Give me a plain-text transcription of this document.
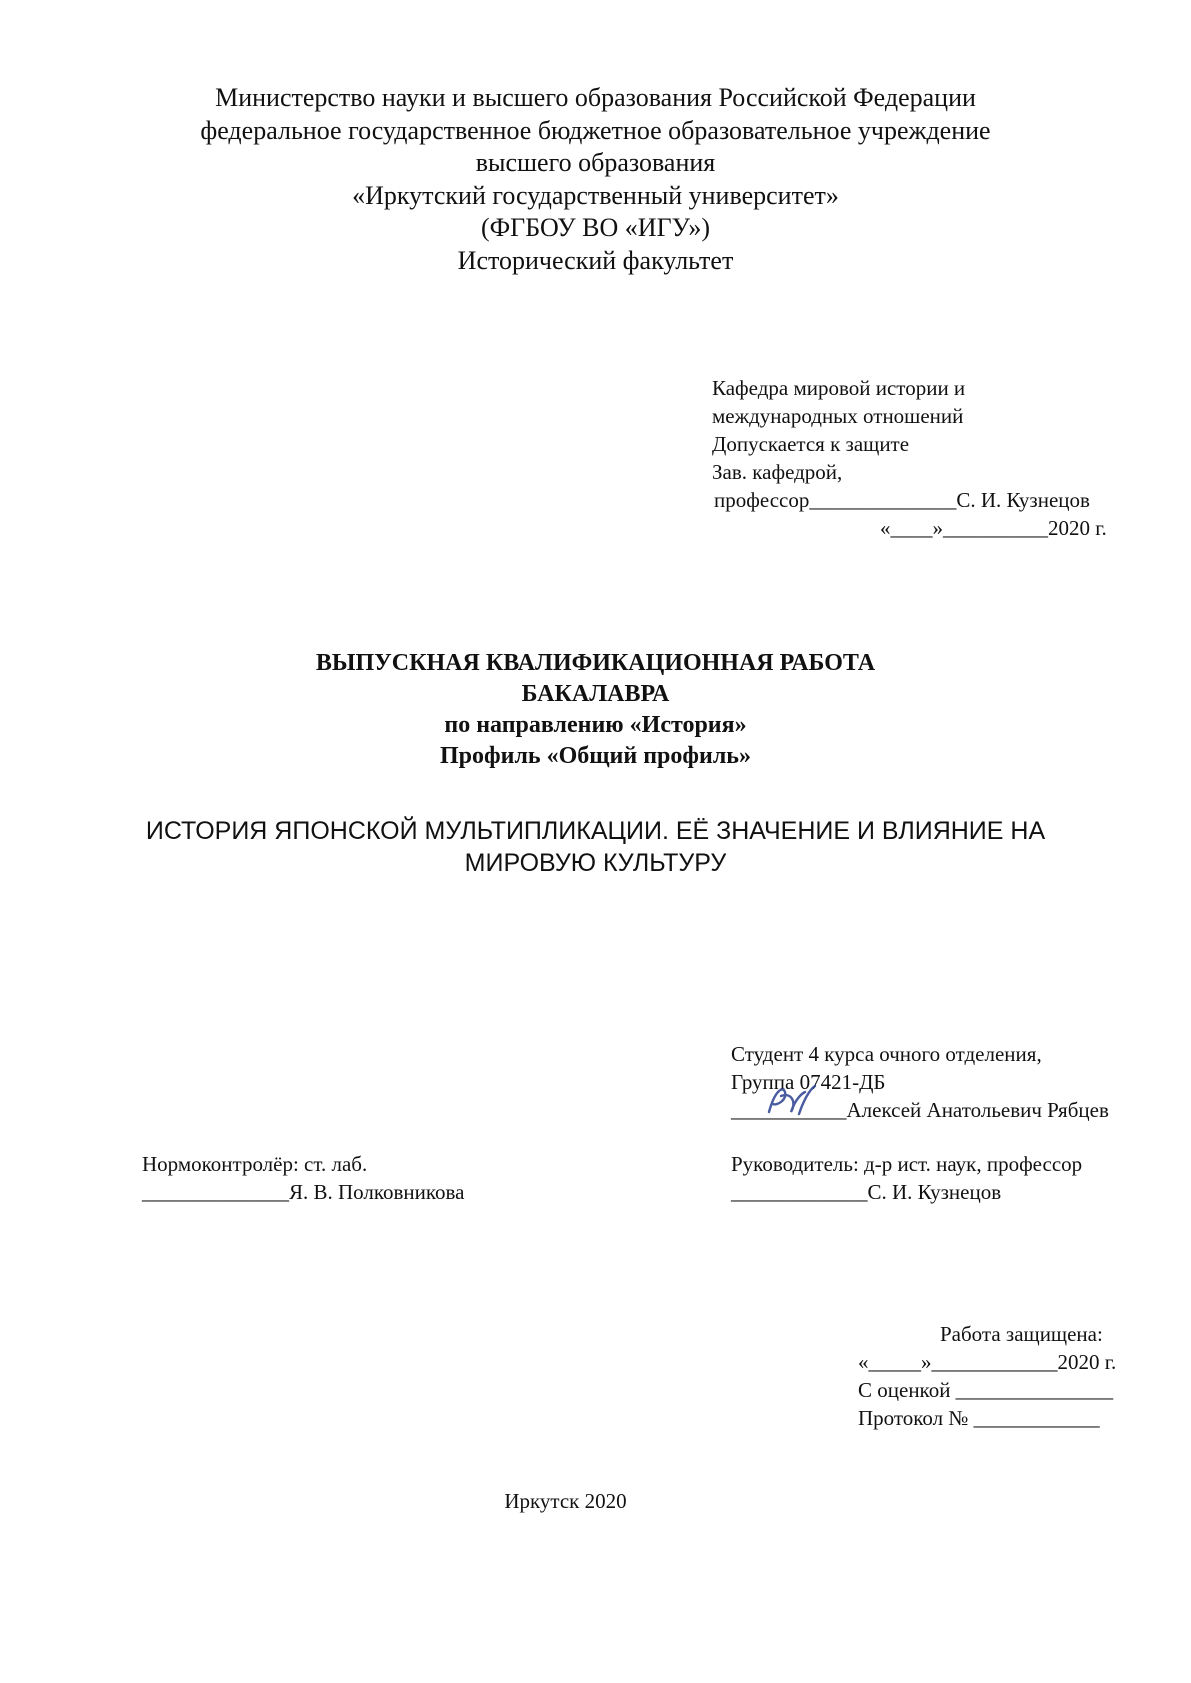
Министерство науки и высшего образования Российской Федерации
федеральное государственное бюджетное образовательное учреждение
высшего образования
«Иркутский государственный университет»
(ФГБОУ ВО «ИГУ»)
Исторический факультет
Кафедра мировой истории и
международных отношений
Допускается к защите
Зав. кафедрой,
профессор______________С. И. Кузнецов
«____»__________2020 г.
ВЫПУСКНАЯ КВАЛИФИКАЦИОННАЯ РАБОТА
БАКАЛАВРА
по направлению «История»
Профиль «Общий профиль»
ИСТОРИЯ ЯПОНСКОЙ МУЛЬТИПЛИКАЦИИ. ЕЁ ЗНАЧЕНИЕ И ВЛИЯНИЕ НА
МИРОВУЮ КУЛЬТУРУ
Студент 4 курса очного отделения,
Группа 07421-ДБ
___________Алексей Анатольевич Рябцев
Нормоконтролёр: ст. лаб.
______________Я. В. Полковникова
Руководитель: д-р ист. наук, профессор
_____________С. И. Кузнецов
Работа защищена:
«_____»____________2020 г.
С оценкой _______________
Протокол № ____________
Иркутск 2020
